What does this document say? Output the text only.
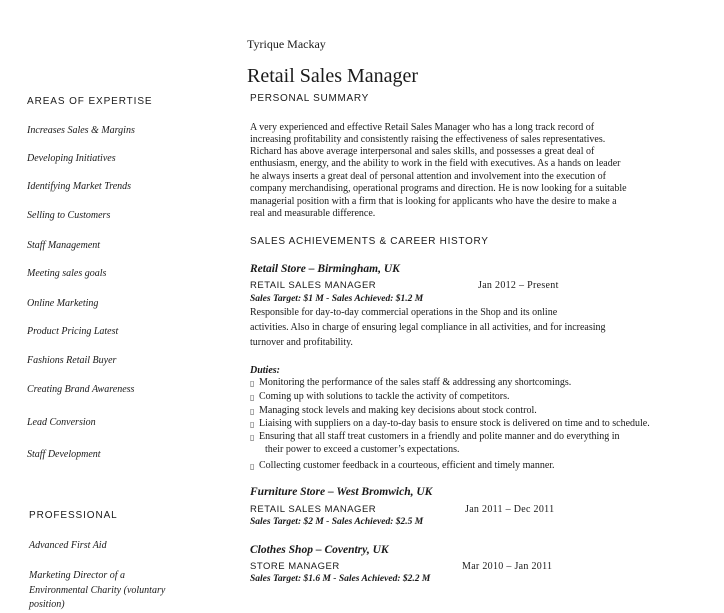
Tyrique Mackay
Retail Sales Manager
AREAS OF EXPERTISE
Increases Sales & Margins
Developing Initiatives
Identifying Market Trends
Selling to Customers
Staff Management
Meeting sales goals
Online Marketing
Product Pricing Latest
Fashions Retail Buyer
Creating Brand Awareness
Lead Conversion
Staff Development
PROFESSIONAL
Advanced First Aid
Marketing Director of a Environmental Charity (voluntary position)
PERSONAL SUMMARY
A very experienced and effective Retail Sales Manager who has a long track record of
increasing profitability and consistently raising the effectiveness of sales representatives.
Richard has above average interpersonal and sales skills, and possesses a great deal of
enthusiasm, energy, and the ability to work in the field with executives. As a hands on leader
he always inserts a great deal of personal attention and involvement into the execution of
company merchandising, operational programs and direction. He is now looking for a suitable
managerial position with a firm that is looking for applicants who have the desire to make a
real and measurable difference.
SALES ACHIEVEMENTS & CAREER HISTORY
Retail Store – Birmingham, UK
RETAIL SALES MANAGER	Jan 2012 – Present
Sales Target: $1 M - Sales Achieved: $1.2 M
Responsible for day-to-day commercial operations in the Shop and its online
activities. Also in charge of ensuring legal compliance in all activities, and for increasing
turnover and profitability.
Duties:
▯ Monitoring the performance of the sales staff & addressing any shortcomings.
▯ Coming up with solutions to tackle the activity of competitors.
▯ Managing stock levels and making key decisions about stock control.
▯ Liaising with suppliers on a day-to-day basis to ensure stock is delivered on time and to schedule.
▯ Ensuring that all staff treat customers in a friendly and polite manner and do everything in
their power to exceed a customer’s expectations.
▯ Collecting customer feedback in a courteous, efficient and timely manner.
Furniture Store – West Bromwich, UK
RETAIL SALES MANAGER	Jan 2011 – Dec 2011
Sales Target: $2 M - Sales Achieved: $2.5 M
Clothes Shop – Coventry, UK
STORE MANAGER	Mar 2010 – Jan 2011
Sales Target: $1.6 M - Sales Achieved: $2.2 M
